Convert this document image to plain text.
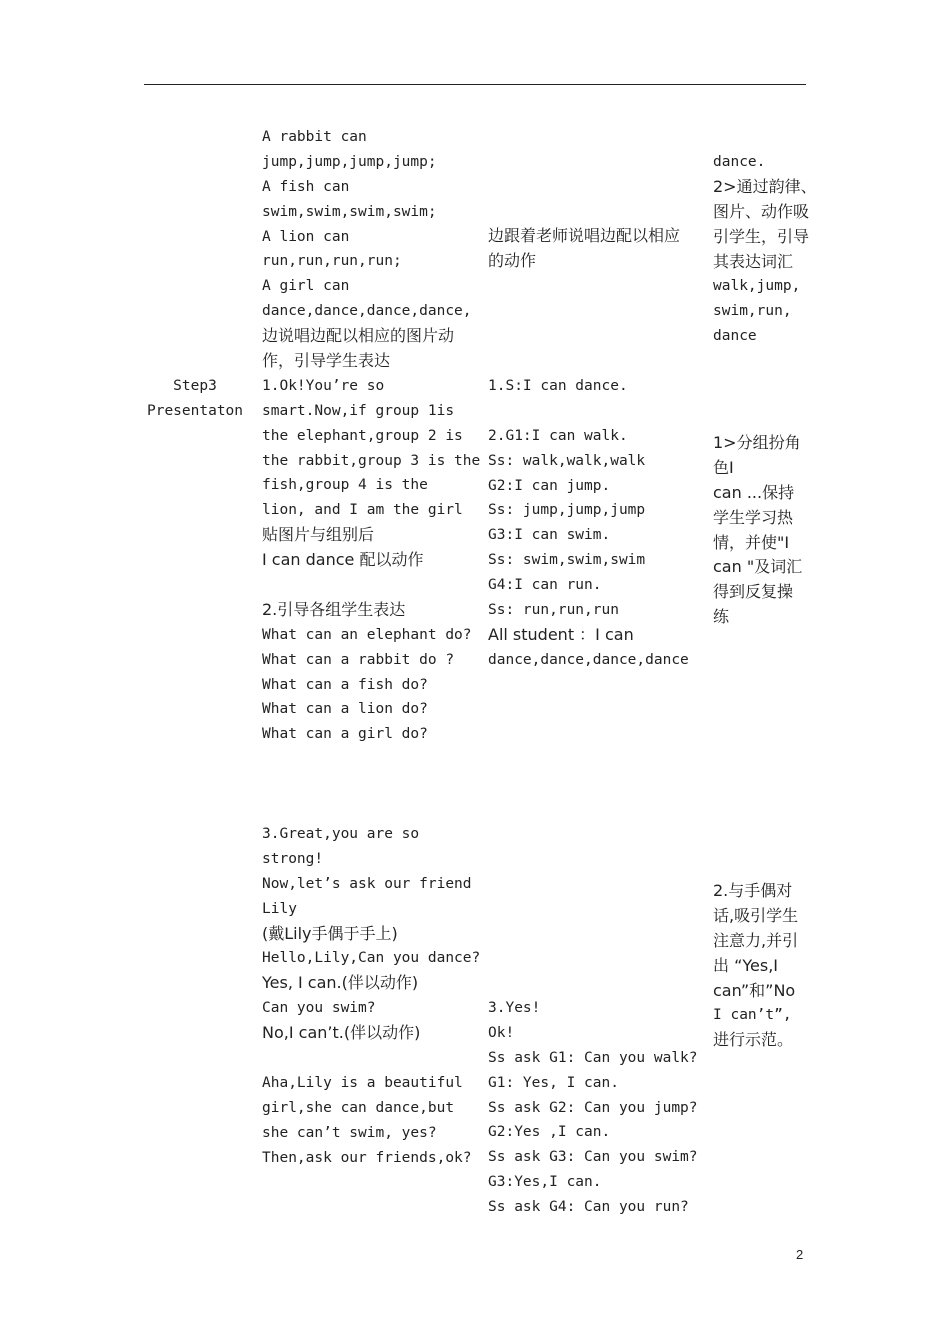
Step3
Presentaton
A rabbit can
jump,jump,jump,jump;
A fish can
swim,swim,swim,swim;
A lion can
run,run,run,run;
A girl can
dance,dance,dance,dance,
边说唱边配以相应的图片动
作，引导学生表达
1.Ok!You’re so
smart.Now,if group 1is
the elephant,group 2 is
the rabbit,group 3 is the
fish,group 4 is the
lion, and I am the girl
贴图片与组别后
I can dance 配以动作
2.引导各组学生表达
What can an elephant do?
What can a rabbit do ?
What can a fish do?
What can a lion do?
What can a girl do?
3.Great,you are so
strong!
Now,let’s ask our friend
Lily
(戴Lily手偶于手上)
Hello,Lily,Can you dance?
Yes, I can.(伴以动作)
Can you swim?
No,I can’t.(伴以动作)
Aha,Lily is a beautiful
girl,she can dance,but
she can’t swim, yes?
Then,ask our friends,ok?
边跟着老师说唱边配以相应
的动作
1.S:I can dance.
2.G1:I can walk.
Ss: walk,walk,walk
G2:I can jump.
Ss: jump,jump,jump
G3:I can swim.
Ss: swim,swim,swim
G4:I can run.
Ss: run,run,run
All student ：I can
dance,dance,dance,dance
3.Yes!
Ok!
Ss ask G1: Can you walk?
G1: Yes, I can.
Ss ask G2: Can you jump?
G2:Yes ,I can.
Ss ask G3: Can you swim?
G3:Yes,I can.
Ss ask G4: Can you run?
dance.
2>通过韵律、
图片、动作吸
引学生，引导
其表达词汇
walk,jump,
swim,run,
dance
1>分组扮角
色I
can ...保持
学生学习热
情，并使"I
can "及词汇
得到反复操
练
2.与手偶对
话,吸引学生
注意力,并引
出 “Yes,I
can”和”No
I can’t”,
进行示范。
2
